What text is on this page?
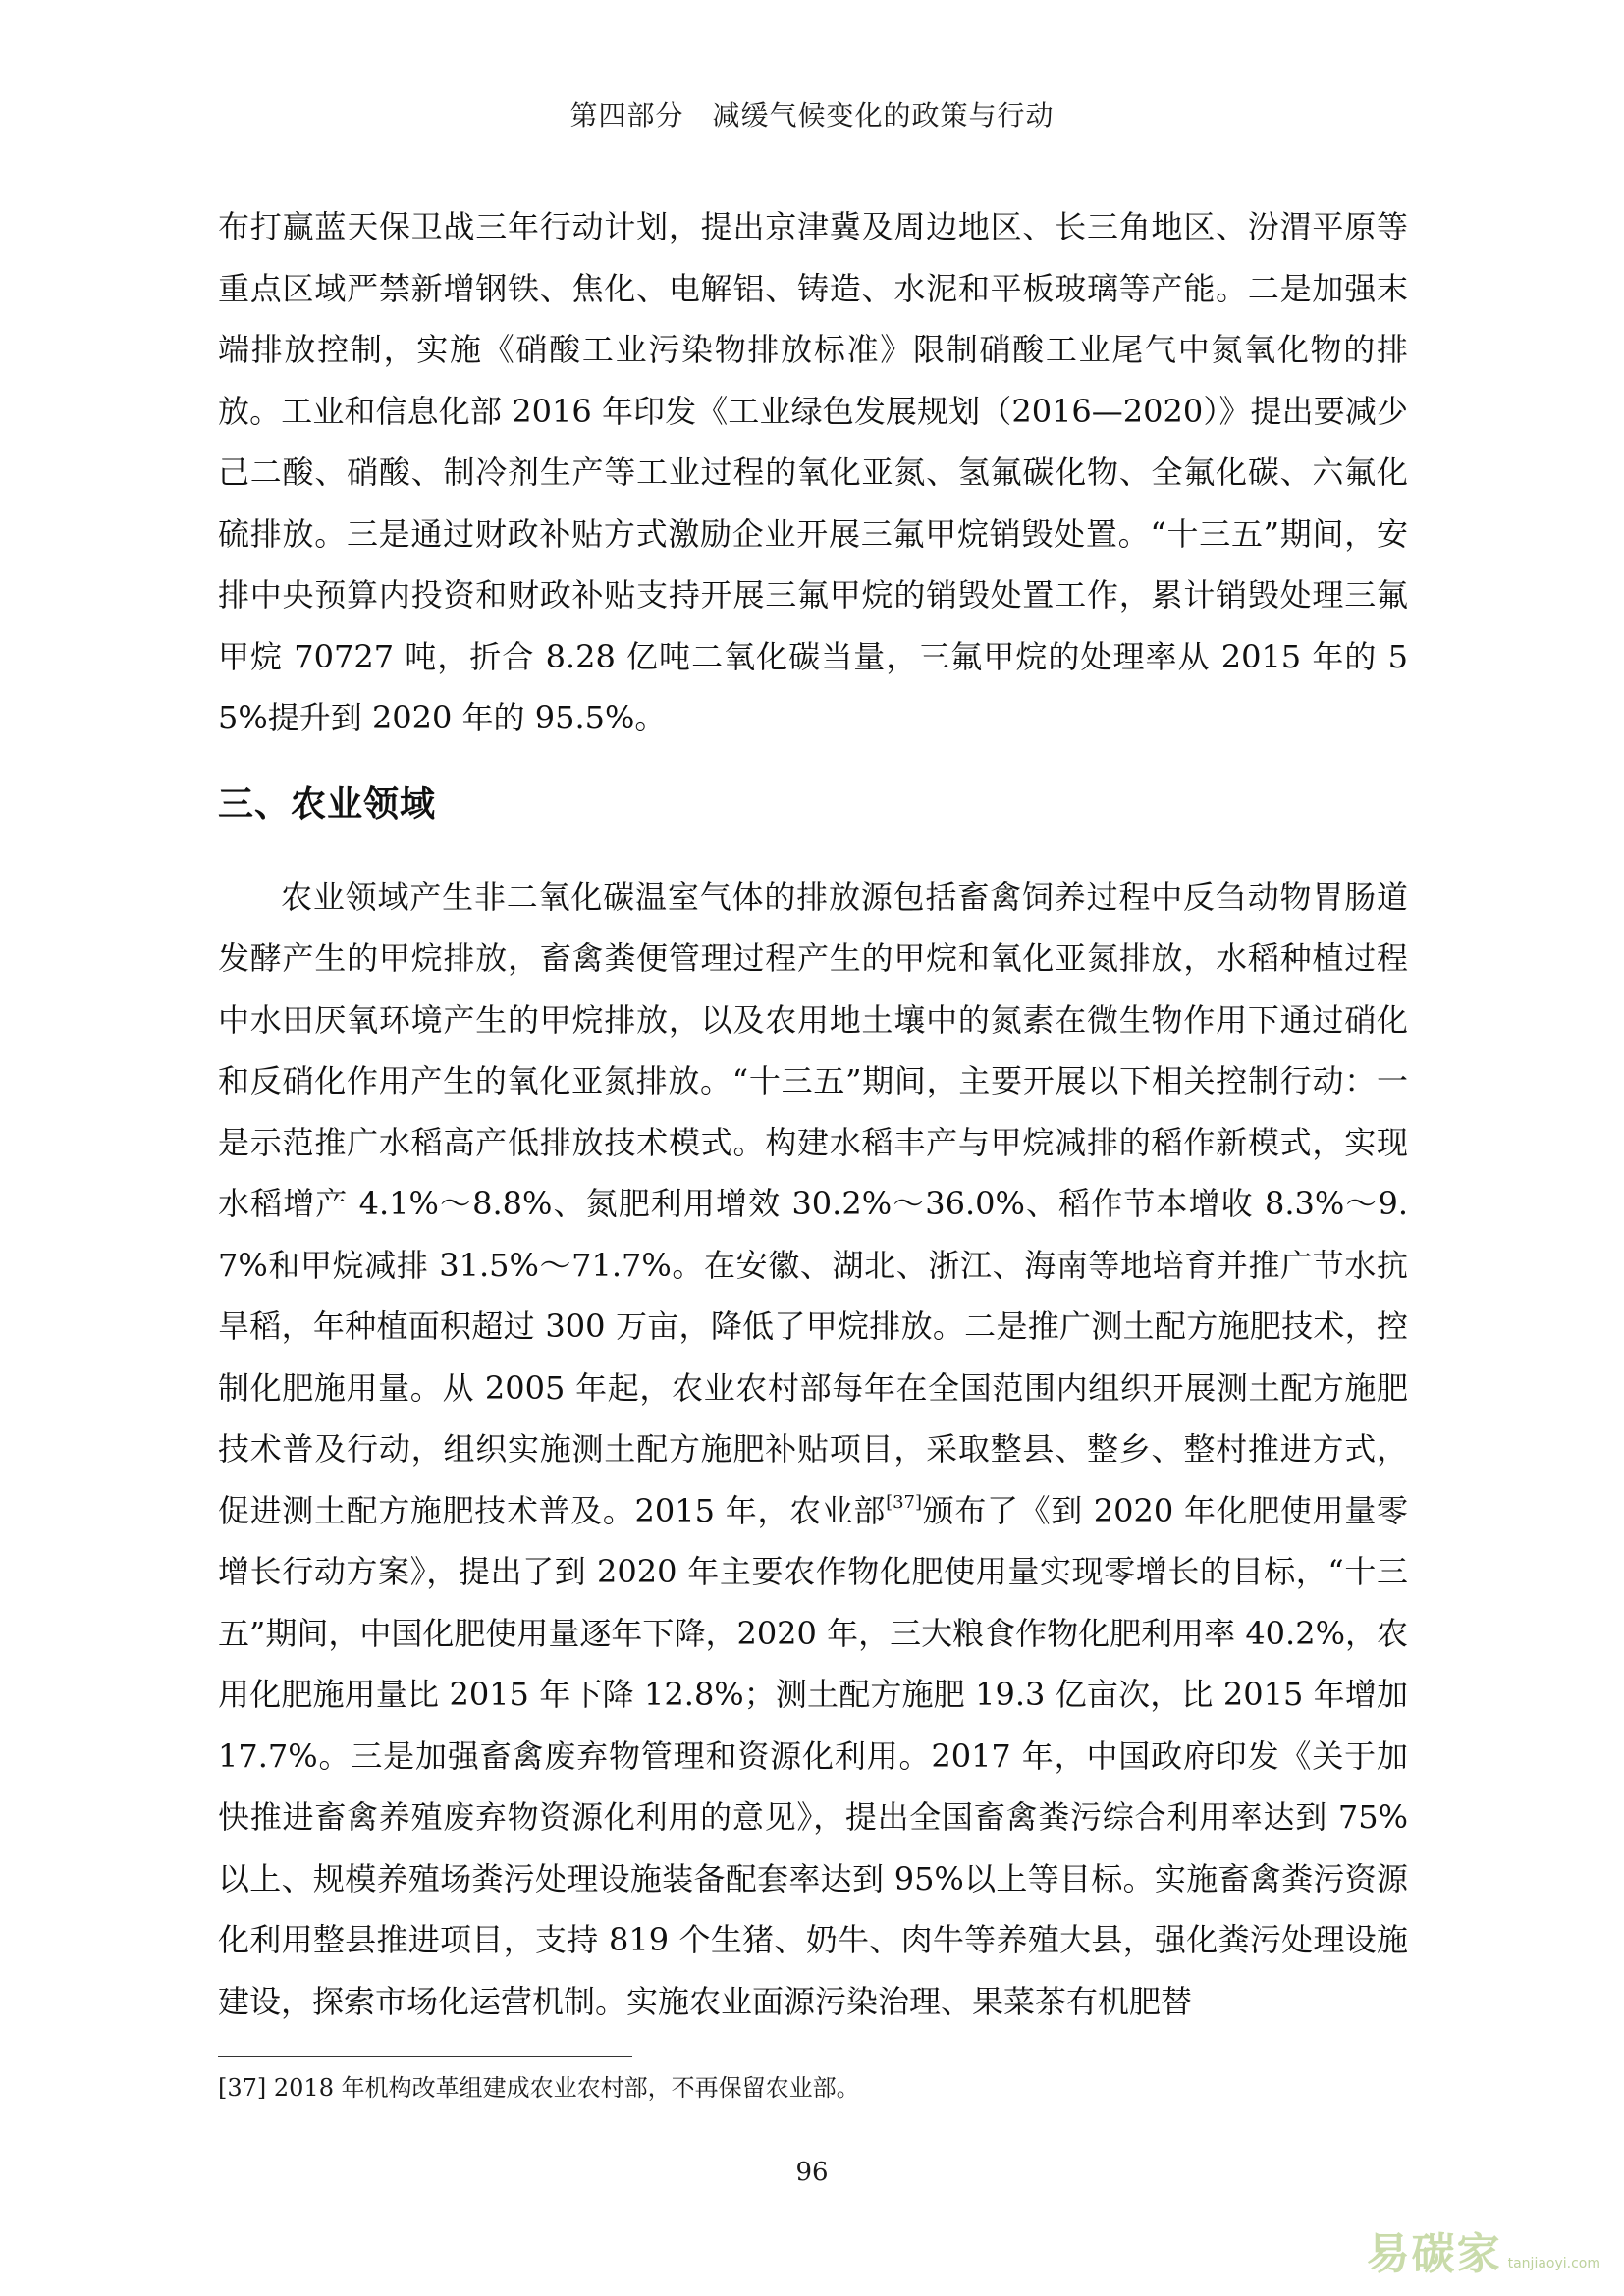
第四部分　减缓气候变化的政策与行动

布打赢蓝天保卫战三年行动计划，提出京津冀及周边地区、长三角地区、汾渭平原等重点区域严禁新增钢铁、焦化、电解铝、铸造、水泥和平板玻璃等产能。二是加强末端排放控制，实施《硝酸工业污染物排放标准》限制硝酸工业尾气中氮氧化物的排放。工业和信息化部 2016 年印发《工业绿色发展规划（2016—2020）》提出要减少己二酸、硝酸、制冷剂生产等工业过程的氧化亚氮、氢氟碳化物、全氟化碳、六氟化硫排放。三是通过财政补贴方式激励企业开展三氟甲烷销毁处置。“十三五”期间，安排中央预算内投资和财政补贴支持开展三氟甲烷的销毁处置工作，累计销毁处理三氟甲烷 70727 吨，折合 8.28 亿吨二氧化碳当量，三氟甲烷的处理率从 2015 年的 55%提升到 2020 年的 95.5%。

三、农业领域

农业领域产生非二氧化碳温室气体的排放源包括畜禽饲养过程中反刍动物胃肠道发酵产生的甲烷排放，畜禽粪便管理过程产生的甲烷和氧化亚氮排放，水稻种植过程中水田厌氧环境产生的甲烷排放，以及农用地土壤中的氮素在微生物作用下通过硝化和反硝化作用产生的氧化亚氮排放。“十三五”期间，主要开展以下相关控制行动：一是示范推广水稻高产低排放技术模式。构建水稻丰产与甲烷减排的稻作新模式，实现水稻增产 4.1%～8.8%、氮肥利用增效 30.2%～36.0%、稻作节本增收 8.3%～9.7%和甲烷减排 31.5%～71.7%。在安徽、湖北、浙江、海南等地培育并推广节水抗旱稻，年种植面积超过 300 万亩，降低了甲烷排放。二是推广测土配方施肥技术，控制化肥施用量。从 2005 年起，农业农村部每年在全国范围内组织开展测土配方施肥技术普及行动，组织实施测土配方施肥补贴项目，采取整县、整乡、整村推进方式，促进测土配方施肥技术普及。2015 年，农业部[37]颁布了《到 2020 年化肥使用量零增长行动方案》，提出了到 2020 年主要农作物化肥使用量实现零增长的目标，“十三五”期间，中国化肥使用量逐年下降，2020 年，三大粮食作物化肥利用率 40.2%，农用化肥施用量比 2015 年下降 12.8%；测土配方施肥 19.3 亿亩次，比 2015 年增加 17.7%。三是加强畜禽废弃物管理和资源化利用。2017 年，中国政府印发《关于加快推进畜禽养殖废弃物资源化利用的意见》，提出全国畜禽粪污综合利用率达到 75%以上、规模养殖场粪污处理设施装备配套率达到 95%以上等目标。实施畜禽粪污资源化利用整县推进项目，支持 819 个生猪、奶牛、肉牛等养殖大县，强化粪污处理设施建设，探索市场化运营机制。实施农业面源污染治理、果菜茶有机肥替

[37] 2018 年机构改革组建成农业农村部，不再保留农业部。
96
易碳家 tanjiaoyi.com
